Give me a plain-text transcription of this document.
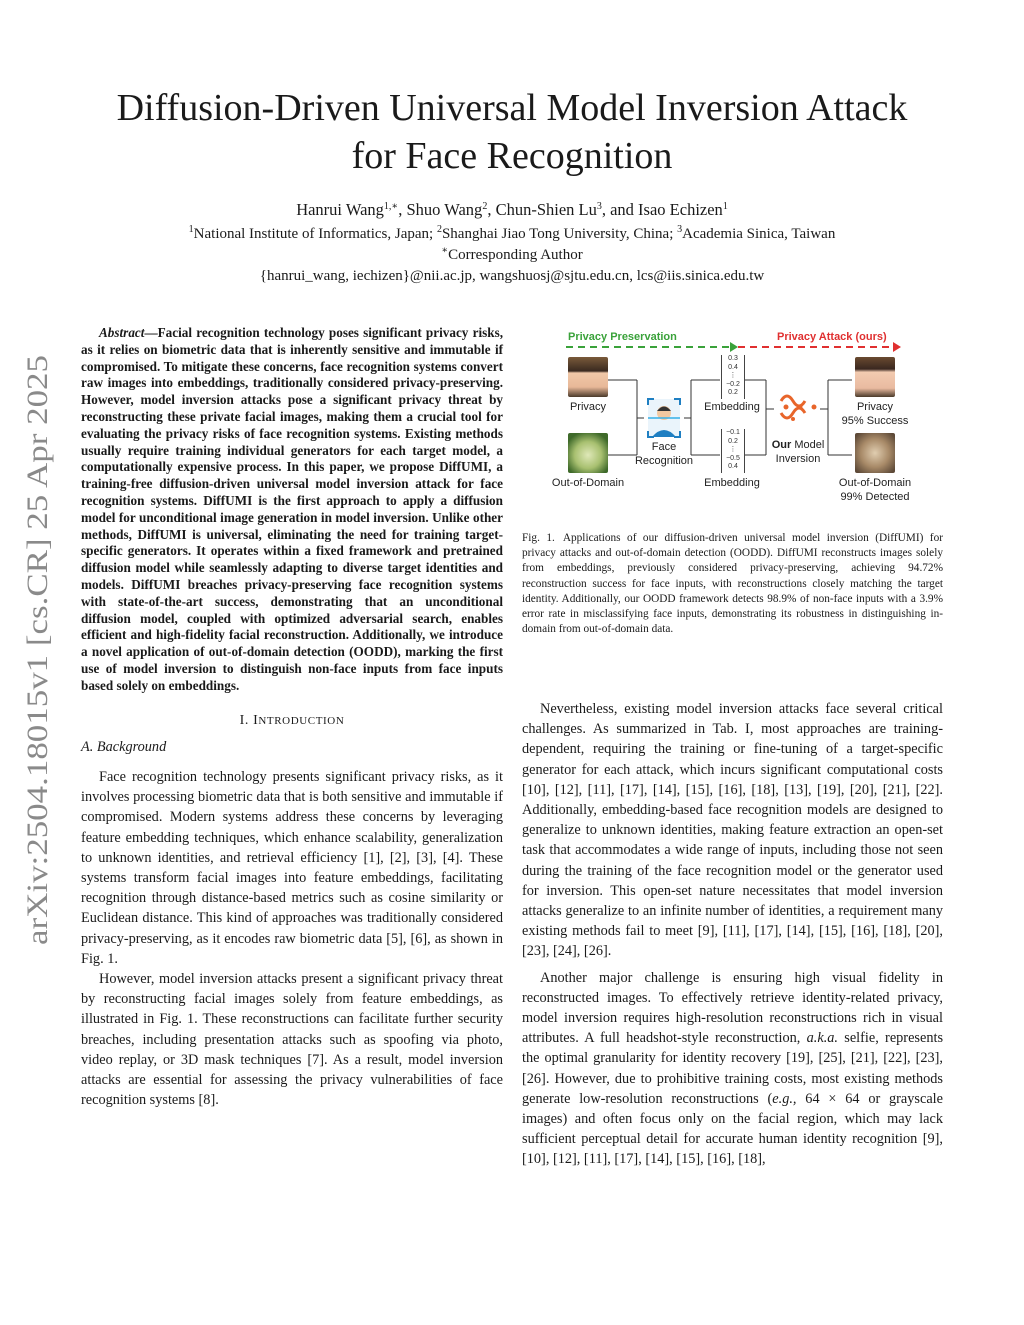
arXiv:2504.18015v1 [cs.CR] 25 Apr 2025
Diffusion-Driven Universal Model Inversion Attack
for Face Recognition
Hanrui Wang$^{1,∗}$, Shuo Wang$^2$, Chun-Shien Lu$^3$, and Isao Echizen$^1$
$^1$National Institute of Informatics, Japan; $^2$Shanghai Jiao Tong University, China; $^3$Academia Sinica, Taiwan
∗Corresponding Author
{hanrui_wang, iechizen}@nii.ac.jp, wangshuosj@sjtu.edu.cn, lcs@iis.sinica.edu.tw

Abstract—Facial recognition technology poses significant privacy risks, as it relies on biometric data that is inherently sensitive and immutable if compromised. To mitigate these concerns, face recognition systems convert raw images into embeddings, traditionally considered privacy-preserving. However, model inversion attacks pose a significant privacy threat by reconstructing these private facial images, making them a crucial tool for evaluating the privacy risks of face recognition systems. Existing methods usually require training individual generators for each target model, a computationally expensive process. In this paper, we propose DiffUMI, a training-free diffusion-driven universal model inversion attack for face recognition systems. DiffUMI is the first approach to apply a diffusion model for unconditional image generation in model inversion. Unlike other methods, DiffUMI is universal, eliminating the need for training target-specific generators. It operates within a fixed framework and pretrained diffusion model while seamlessly adapting to diverse target identities and models. DiffUMI breaches privacy-preserving face recognition systems with state-of-the-art success, demonstrating that an unconditional diffusion model, coupled with optimized adversarial search, enables efficient and high-fidelity facial reconstruction. Additionally, we introduce a novel application of out-of-domain detection (OODD), marking the first use of model inversion to distinguish non-face inputs from face inputs based solely on embeddings.

I. INTRODUCTION
A. Background

Face recognition technology presents significant privacy risks, as it involves processing biometric data that is both sensitive and immutable if compromised. Modern systems address these concerns by leveraging feature embedding techniques, which enhance scalability, generalization to unknown identities, and retrieval efficiency [1], [2], [3], [4]. These systems transform facial images into feature embeddings, facilitating recognition through distance-based metrics such as cosine similarity or Euclidean distance. This kind of approaches was traditionally considered privacy-preserving, as it encodes raw biometric data [5], [6], as shown in Fig. 1.

However, model inversion attacks present a significant privacy threat by reconstructing facial images solely from feature embeddings, as illustrated in Fig. 1. These reconstructions can facilitate further security breaches, including presentation attacks such as spoofing via photo, video replay, or 3D mask techniques [7]. As a result, model inversion attacks are essential for assessing the privacy vulnerabilities of face recognition systems [8].

Privacy Preservation	Privacy Attack (ours)
Privacy
Out-of-Domain
Face
Recognition
0.3
0.4
⋮
−0.2
0.2
Embedding
−0.1
0.2
⋮
−0.5
0.4
Embedding
Our Model
Inversion
Privacy
95% Success
Out-of-Domain
99% Detected

Fig. 1. Applications of our diffusion-driven universal model inversion (DiffUMI) for privacy attacks and out-of-domain detection (OODD). DiffUMI reconstructs images solely from embeddings, previously considered privacy-preserving, achieving 94.72% reconstruction success for face inputs, with reconstructions closely matching the target identity. Additionally, our OODD framework detects 98.9% of non-face inputs with a 3.9% error rate in misclassifying face inputs, demonstrating its robustness in distinguishing in-domain from out-of-domain data.

Nevertheless, existing model inversion attacks face several critical challenges. As summarized in Tab. I, most approaches are training-dependent, requiring the training or fine-tuning of a target-specific generator for each attack, which incurs significant computational costs [10], [12], [11], [17], [14], [15], [16], [18], [13], [19], [20], [21], [22]. Additionally, embedding-based face recognition models are designed to generalize to unknown identities, making feature extraction an open-set task that accommodates a wide range of inputs, including those not seen during the training of the face recognition model or the generator used for inversion. This open-set nature necessitates that model inversion attacks generalize to an infinite number of identities, a requirement many existing methods fail to meet [9], [11], [17], [14], [15], [16], [18], [20], [23], [24], [26].

Another major challenge is ensuring high visual fidelity in reconstructed images. To effectively retrieve identity-related privacy, model inversion requires high-resolution reconstructions rich in visual attributes. A full headshot-style reconstruction, a.k.a. selfie, represents the optimal granularity for identity recovery [19], [25], [21], [22], [23], [26]. However, due to prohibitive training costs, most existing methods generate low-resolution reconstructions (e.g., 64 × 64 or grayscale images) and often focus only on the facial region, which may lack sufficient perceptual detail for accurate human identity recognition [9], [10], [12], [11], [17], [14], [15], [16], [18],
